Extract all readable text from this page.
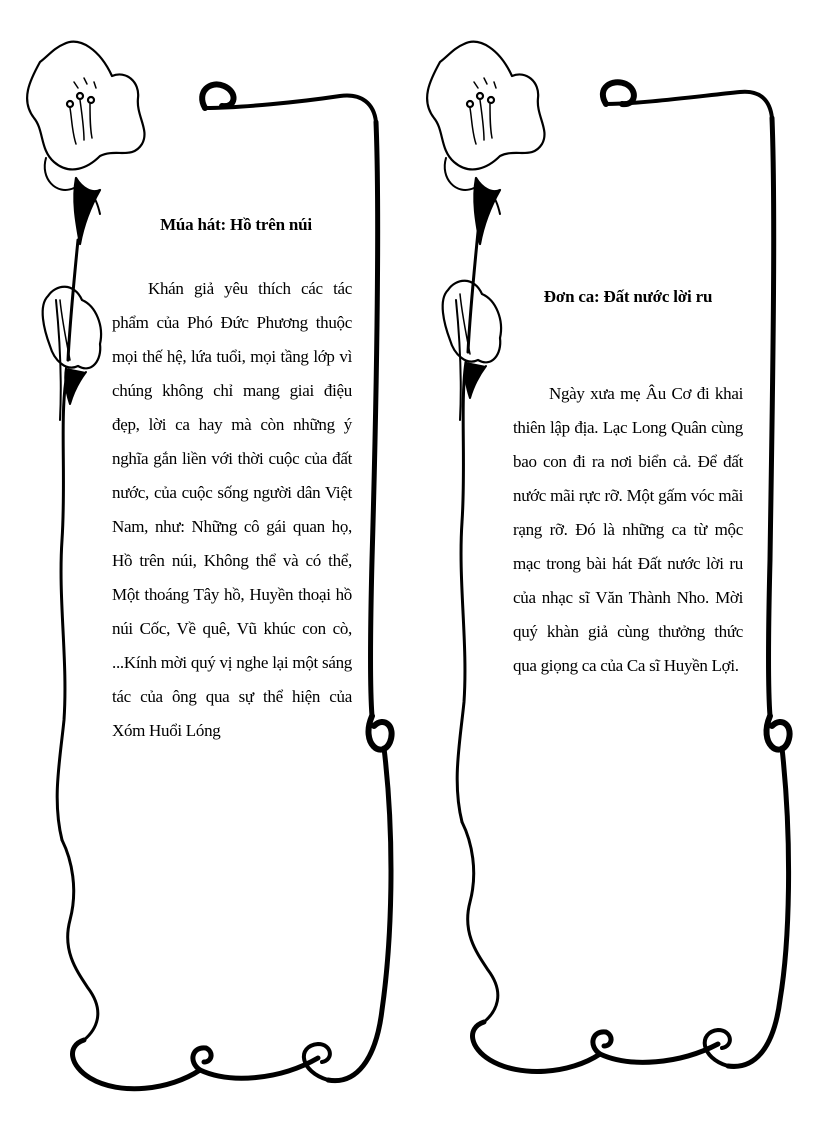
Múa hát: Hồ trên núi

Khán giả yêu thích các tác phẩm của Phó Đức Phương thuộc mọi thế hệ, lứa tuổi, mọi tầng lớp vì chúng không chỉ mang giai điệu đẹp, lời ca hay mà còn những ý nghĩa gắn liền với thời cuộc của đất nước, của cuộc sống người dân Việt Nam, như: Những cô gái quan họ, Hồ trên núi, Không thể và có thể, Một thoáng Tây hồ, Huyền thoại hồ núi Cốc, Về quê, Vũ khúc con cò, ...Kính mời quý vị nghe lại một sáng tác của ông qua sự thể hiện của Xóm Huổi Lóng

Đơn ca: Đất nước lời ru

Ngày xưa mẹ Âu Cơ đi khai thiên lập địa. Lạc Long Quân cùng bao con đi ra nơi biển cả. Để đất nước mãi rực rỡ. Một gấm vóc mãi rạng rỡ. Đó là những ca từ mộc mạc trong bài hát Đất nước lời ru của nhạc sĩ Văn Thành Nho. Mời quý khàn giả cùng thưởng thức qua giọng ca của Ca sĩ Huyền Lợi.
